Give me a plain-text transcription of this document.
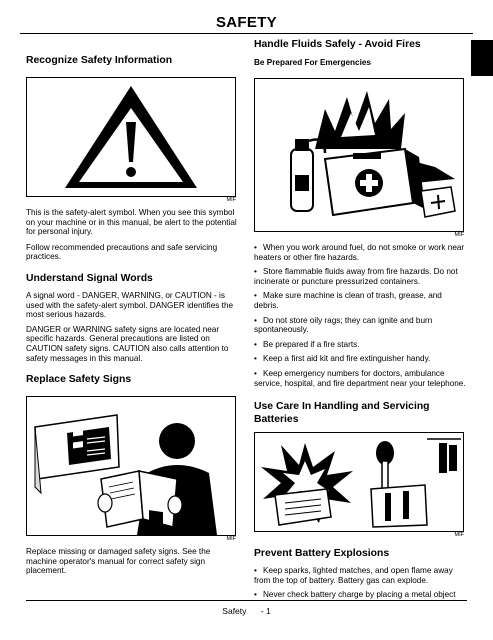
SAFETY
Recognize Safety Information
MIF

This is the safety-alert symbol. When you see this symbol on your machine or in this manual, be alert to the potential for personal injury.

Follow recommended precautions and safe servicing practices.

Understand Signal Words

A signal word - DANGER, WARNING, or CAUTION - is used with the safety-alert symbol. DANGER identifies the most serious hazards.

DANGER or WARNING safety signs are located near specific hazards. General precautions are listed on CAUTION safety signs. CAUTION also calls attention to safety messages in this manual.

Replace Safety Signs
MIF

Replace missing or damaged safety signs. See the machine operator's manual for correct safety sign placement.

Handle Fluids Safely - Avoid Fires
Be Prepared For Emergencies
MIF

• When you work around fuel, do not smoke or work near heaters or other fire hazards.

• Store flammable fluids away from fire hazards. Do not incinerate or puncture pressurized containers.

• Make sure machine is clean of trash, grease, and debris.

• Do not store oily rags; they can ignite and burn spontaneously.

• Be prepared if a fire starts.

• Keep a first aid kit and fire extinguisher handy.

• Keep emergency numbers for doctors, ambulance service, hospital, and fire department near your telephone.

Use Care In Handling and Servicing Batteries
MIF
Prevent Battery Explosions

• Keep sparks, lighted matches, and open flame away from the top of battery. Battery gas can explode.

• Never check battery charge by placing a metal object

Safety - 1
